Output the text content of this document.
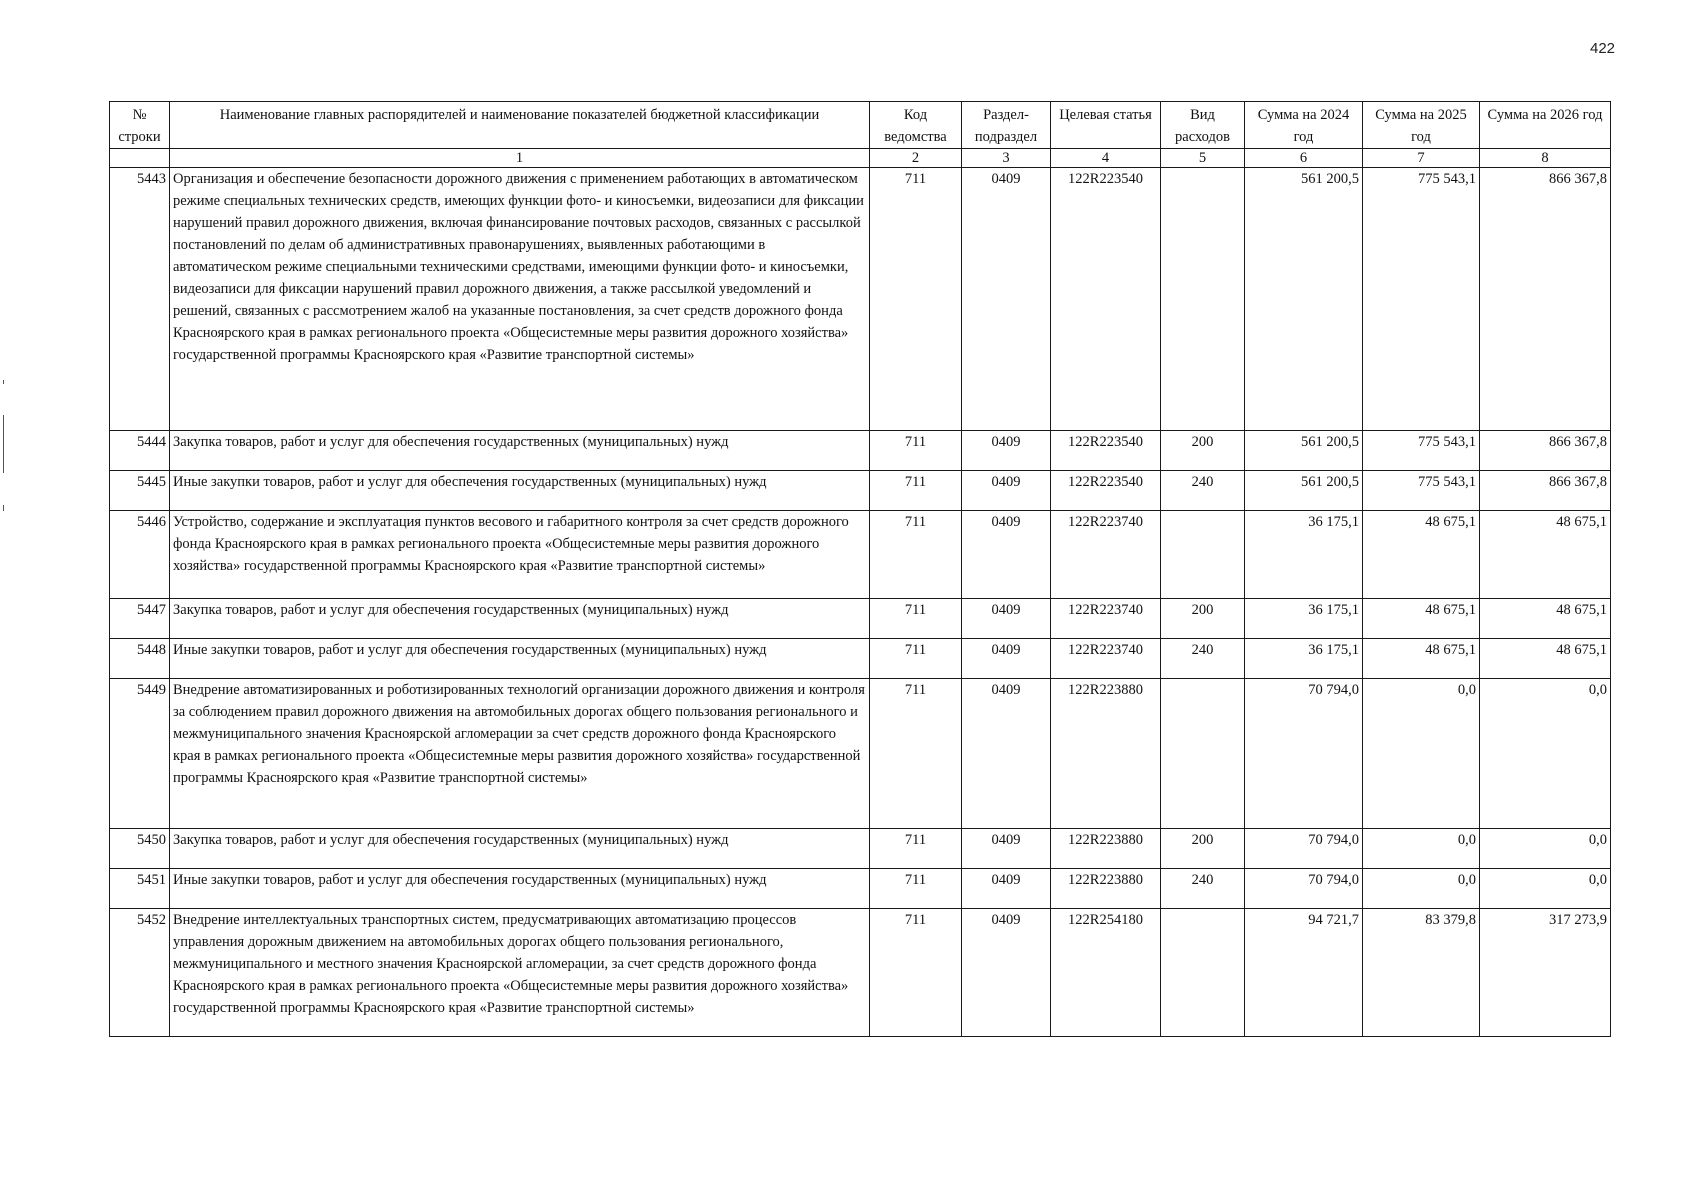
422
№ строки	Наименование главных распорядителей и наименование показателей бюджетной классификации	Код ведомства	Раздел-подраздел	Целевая статья	Вид расходов	Сумма на 2024 год	Сумма на 2025 год	Сумма на 2026 год
	1	2	3	4	5	6	7	8
5443	Организация и обеспечение безопасности дорожного движения с применением работающих в автоматическом режиме специальных технических средств, имеющих функции фото- и киносъемки, видеозаписи для фиксации нарушений правил дорожного движения, включая финансирование почтовых расходов, связанных с рассылкой постановлений по делам об административных правонарушениях, выявленных работающими в автоматическом режиме специальными техническими средствами, имеющими функции фото- и киносъемки, видеозаписи для фиксации нарушений правил дорожного движения, а также рассылкой уведомлений и решений, связанных с рассмотрением жалоб на указанные постановления, за счет средств дорожного фонда Красноярского края в рамках регионального проекта «Общесистемные меры развития дорожного хозяйства» государственной программы Красноярского края «Развитие транспортной системы»	711	0409	122R223540		561 200,5	775 543,1	866 367,8
5444	Закупка товаров, работ и услуг для обеспечения государственных (муниципальных) нужд	711	0409	122R223540	200	561 200,5	775 543,1	866 367,8
5445	Иные закупки товаров, работ и услуг для обеспечения государственных (муниципальных) нужд	711	0409	122R223540	240	561 200,5	775 543,1	866 367,8
5446	Устройство, содержание и эксплуатация пунктов весового и габаритного контроля за счет средств дорожного фонда Красноярского края в рамках регионального проекта «Общесистемные меры развития дорожного хозяйства» государственной программы Красноярского края «Развитие транспортной системы»	711	0409	122R223740		36 175,1	48 675,1	48 675,1
5447	Закупка товаров, работ и услуг для обеспечения государственных (муниципальных) нужд	711	0409	122R223740	200	36 175,1	48 675,1	48 675,1
5448	Иные закупки товаров, работ и услуг для обеспечения государственных (муниципальных) нужд	711	0409	122R223740	240	36 175,1	48 675,1	48 675,1
5449	Внедрение автоматизированных и роботизированных технологий организации дорожного движения и контроля за соблюдением правил дорожного движения на автомобильных дорогах общего пользования регионального и межмуниципального значения Красноярской агломерации за счет средств дорожного фонда Красноярского края в рамках регионального проекта «Общесистемные меры развития дорожного хозяйства» государственной программы Красноярского края «Развитие транспортной системы»	711	0409	122R223880		70 794,0	0,0	0,0
5450	Закупка товаров, работ и услуг для обеспечения государственных (муниципальных) нужд	711	0409	122R223880	200	70 794,0	0,0	0,0
5451	Иные закупки товаров, работ и услуг для обеспечения государственных (муниципальных) нужд	711	0409	122R223880	240	70 794,0	0,0	0,0
5452	Внедрение интеллектуальных транспортных систем, предусматривающих автоматизацию процессов управления дорожным движением на автомобильных дорогах общего пользования регионального, межмуниципального и местного значения Красноярской агломерации, за счет средств дорожного фонда Красноярского края в рамках регионального проекта «Общесистемные меры развития дорожного хозяйства» государственной программы Красноярского края «Развитие транспортной системы»	711	0409	122R254180		94 721,7	83 379,8	317 273,9
